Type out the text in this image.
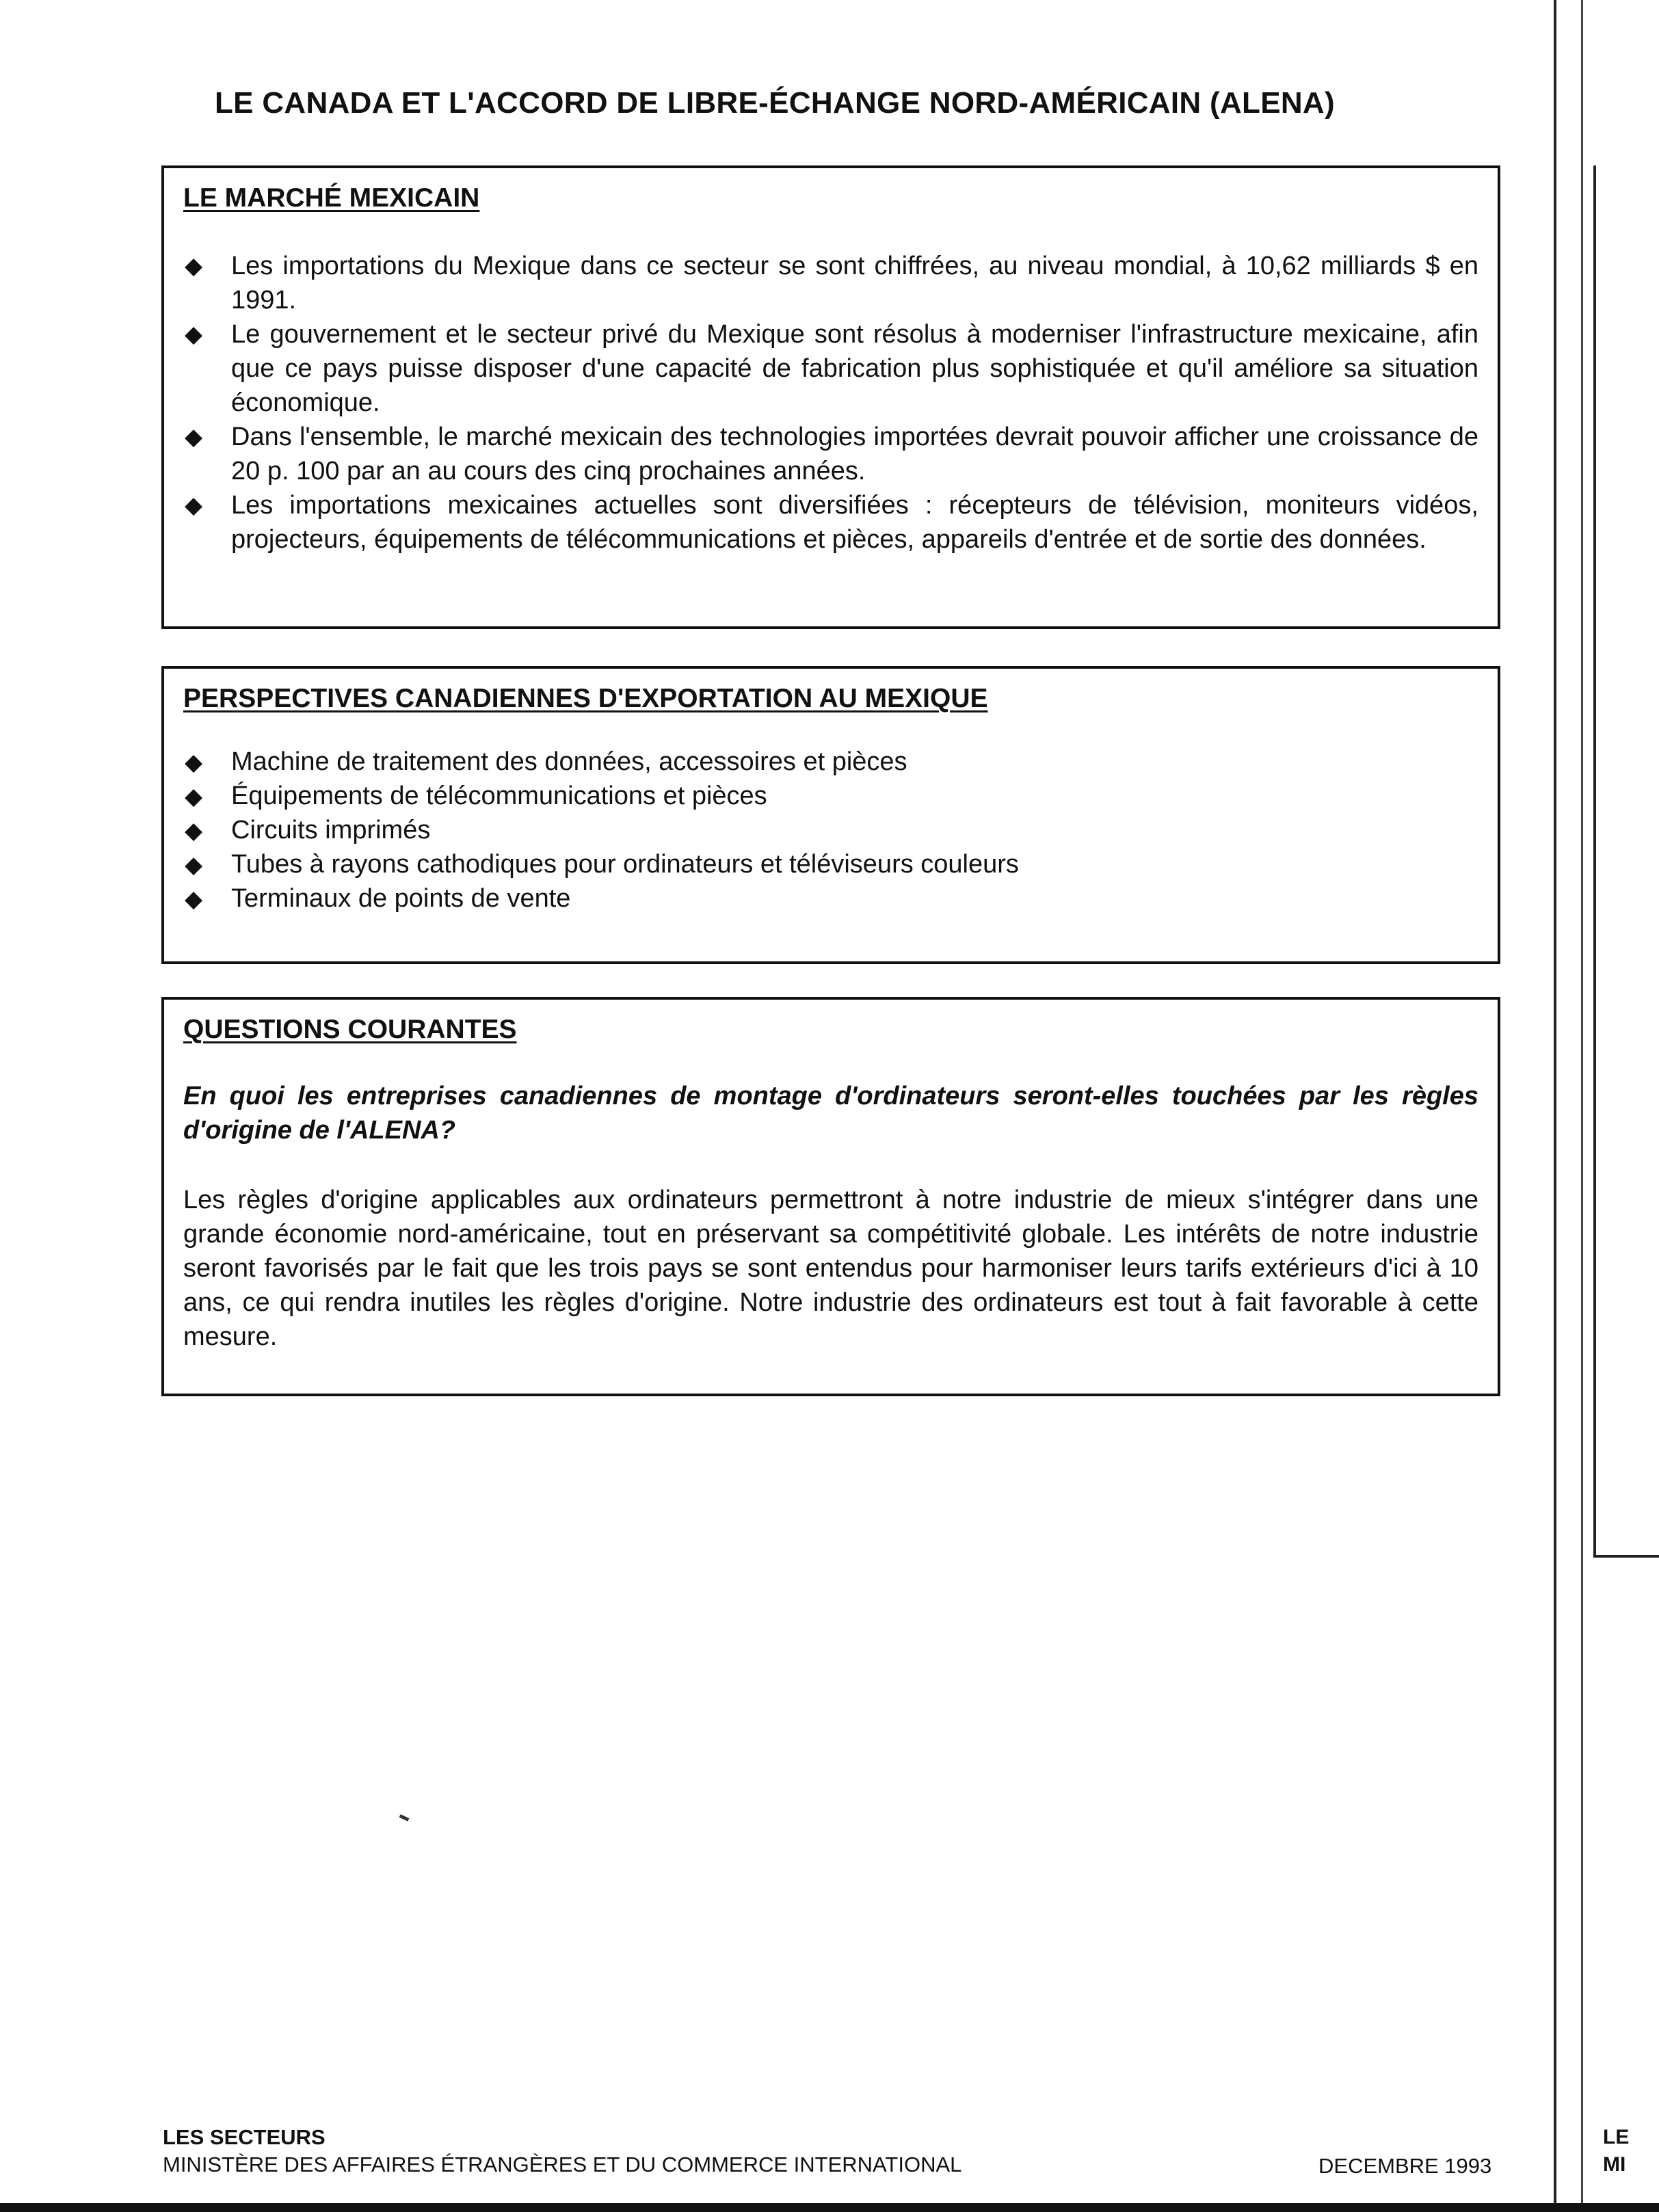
LE
MI
LE CANADA ET L'ACCORD DE LIBRE-ÉCHANGE NORD-AMÉRICAIN (ALENA)
LE MARCHÉ MEXICAIN
◆	Les importations du Mexique dans ce secteur se sont chiffrées, au niveau mondial, à 10,62 milliards $ en 1991.
◆	Le gouvernement et le secteur privé du Mexique sont résolus à moderniser l'infrastructure mexicaine, afin que ce pays puisse disposer d'une capacité de fabrication plus sophistiquée et qu'il améliore sa situation économique.
◆	Dans l'ensemble, le marché mexicain des technologies importées devrait pouvoir afficher une croissance de 20 p. 100 par an au cours des cinq prochaines années.
◆	Les importations mexicaines actuelles sont diversifiées : récepteurs de télévision, moniteurs vidéos, projecteurs, équipements de télécommunications et pièces, appareils d'entrée et de sortie des données.
PERSPECTIVES CANADIENNES D'EXPORTATION AU MEXIQUE
◆	Machine de traitement des données, accessoires et pièces
◆	Équipements de télécommunications et pièces
◆	Circuits imprimés
◆	Tubes à rayons cathodiques pour ordinateurs et téléviseurs couleurs
◆	Terminaux de points de vente
QUESTIONS COURANTES

En quoi les entreprises canadiennes de montage d'ordinateurs seront-elles touchées par les règles d'origine de l'ALENA?

Les règles d'origine applicables aux ordinateurs permettront à notre industrie de mieux s'intégrer dans une grande économie nord-américaine, tout en préservant sa compétitivité globale. Les intérêts de notre industrie seront favorisés par le fait que les trois pays se sont entendus pour harmoniser leurs tarifs extérieurs d'ici à 10 ans, ce qui rendra inutiles les règles d'origine. Notre industrie des ordinateurs est tout à fait favorable à cette mesure.

LES SECTEURS
MINISTÈRE DES AFFAIRES ÉTRANGÈRES ET DU COMMERCE INTERNATIONAL	DECEMBRE 1993
